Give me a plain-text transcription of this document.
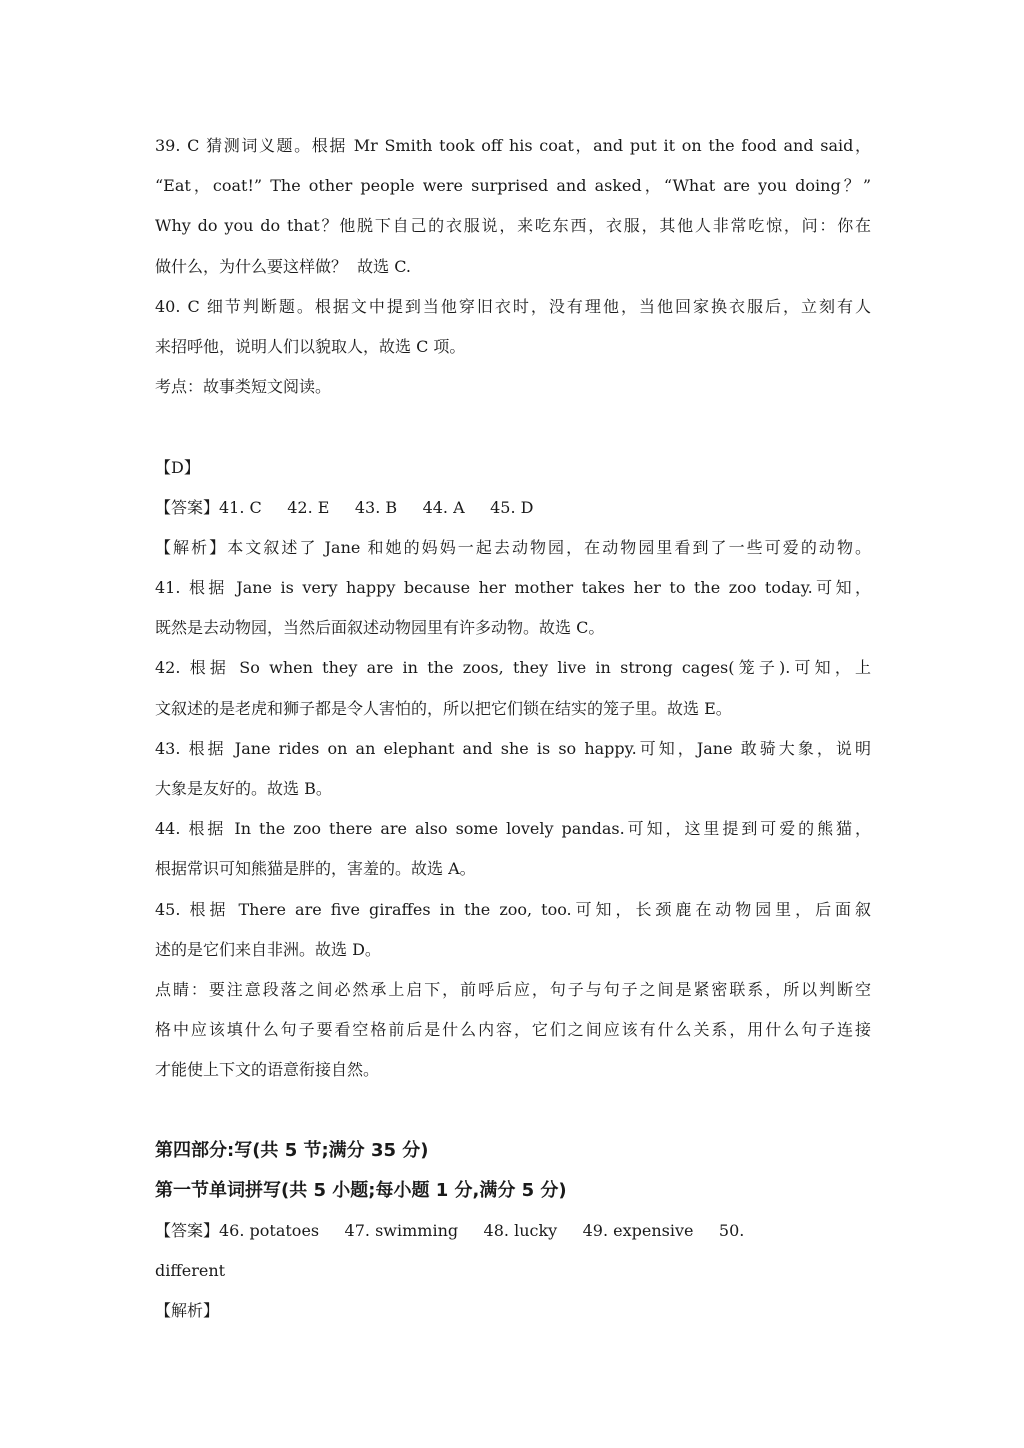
39. C 猜测词义题。根据 Mr Smith took off his coat，and put it on the food and said，
“Eat，coat!” The other people were surprised and asked，“What are you doing？”
Why do you do that？他脱下自己的衣服说，来吃东西，衣服，其他人非常吃惊，问：你在
做什么，为什么要这样做？  故选 C.
40. C 细节判断题。根据文中提到当他穿旧衣时，没有理他，当他回家换衣服后，立刻有人
来招呼他，说明人们以貌取人，故选 C 项。
考点：故事类短文阅读。
【D】
【答案】41. C     42. E     43. B     44. A     45. D
【解析】本文叙述了 Jane 和她的妈妈一起去动物园，在动物园里看到了一些可爱的动物。
41. 根据 Jane is very happy because her mother takes her to the zoo today.可知，
既然是去动物园，当然后面叙述动物园里有许多动物。故选 C。
42. 根据 So when they are in the zoos, they live in strong cages(笼子).可知，上
文叙述的是老虎和狮子都是令人害怕的，所以把它们锁在结实的笼子里。故选 E。
43. 根据 Jane rides on an elephant and she is so happy.可知，Jane 敢骑大象，说明
大象是友好的。故选 B。
44. 根据 In the zoo there are also some lovely pandas.可知，这里提到可爱的熊猫，
根据常识可知熊猫是胖的，害羞的。故选 A。
45. 根据 There are five giraffes in the zoo, too.可知，长颈鹿在动物园里，后面叙
述的是它们来自非洲。故选 D。
点睛：要注意段落之间必然承上启下，前呼后应，句子与句子之间是紧密联系，所以判断空
格中应该填什么句子要看空格前后是什么内容，它们之间应该有什么关系，用什么句子连接
才能使上下文的语意衔接自然。
第四部分:写(共 5 节;满分 35 分)
第一节单词拼写(共 5 小题;每小题 1 分,满分 5 分)
【答案】46. potatoes     47. swimming     48. lucky     49. expensive     50.
different
【解析】
